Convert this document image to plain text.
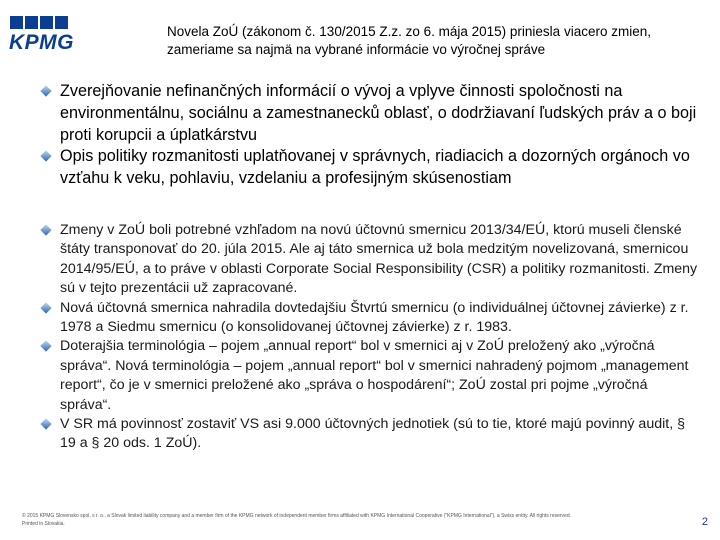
KPMG	Novela ZoÚ (zákonom č. 130/2015 Z.z. zo 6. mája 2015) priniesla viacero zmien, zameriame sa najmä na vybrané informácie vo výročnej správe
Zverejňovanie nefinančných informácií o vývoj a vplyve činnosti spoločnosti na environmentálnu, sociálnu a zamestnanecků oblasť, o dodržiavaní ľudských práv a o boji proti korupcii a úplatkárstvu
Opis politiky rozmanitosti uplatňovanej v správnych, riadiacich a dozorných orgánoch vo vzťahu k veku, pohlaviu, vzdelaniu a profesijným skúsenostiam
Zmeny v ZoÚ boli potrebné vzhľadom na novú účtovnú smernicu 2013/34/EÚ, ktorú museli členské štáty transponovať do 20. júla 2015. Ale aj táto smernica už bola medzitým novelizovaná, smernicou 2014/95/EÚ, a to práve v oblasti Corporate Social Responsibility (CSR) a politiky rozmanitosti. Zmeny sú v tejto prezentácii už zapracované.
Nová účtovná smernica nahradila dovtedajšiu Štvrtú smernicu (o individuálnej účtovnej závierke) z r. 1978 a Siedmu smernicu (o konsolidovanej účtovnej závierke) z r. 1983.
Doterajšia terminológia – pojem „annual report“ bol v smernici aj v ZoÚ preložený ako „výročná správa“. Nová terminológia – pojem „annual report“ bol v smernici nahradený pojmom „management report“, čo je v smernici preložené ako „správa o hospodárení“; ZoÚ zostal pri pojme „výročná správa“.
V SR má povinnosť zostaviť VS asi 9.000 účtovných jednotiek (sú to tie, ktoré majú povinný audit, § 19 a § 20 ods. 1 ZoÚ).
© 2015 KPMG Slovensko spol. s r. o., a Slovak limited liability company and a member firm of the KPMG network of independent member firms affiliated with KPMG International Cooperative (“KPMG International”), a Swiss entity. All rights reserved. Printed in Slovakia.	2
